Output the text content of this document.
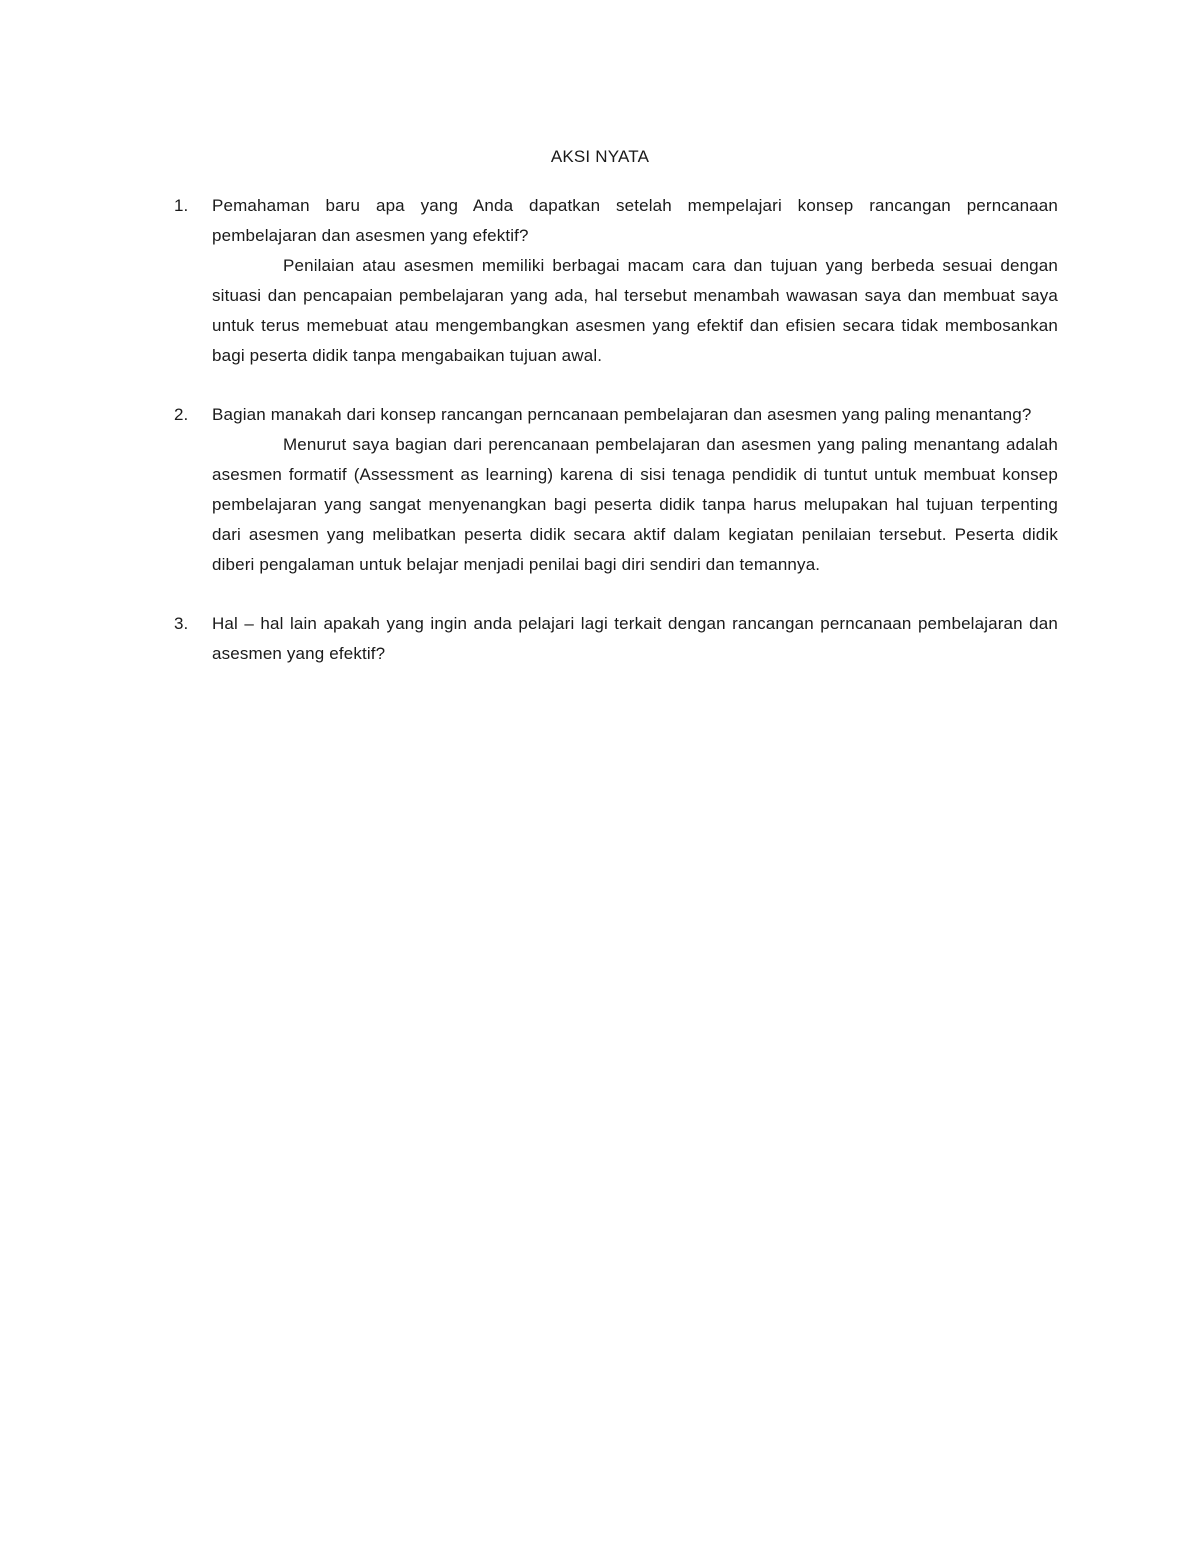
AKSI NYATA
1.	Pemahaman baru apa yang Anda dapatkan setelah mempelajari konsep rancangan perncanaan pembelajaran dan asesmen yang efektif?

Penilaian atau asesmen memiliki berbagai macam cara dan tujuan yang berbeda sesuai dengan situasi dan pencapaian pembelajaran yang ada, hal tersebut menambah wawasan saya dan membuat saya untuk terus memebuat atau mengembangkan asesmen yang efektif dan efisien secara tidak membosankan bagi peserta didik tanpa mengabaikan tujuan awal.

2.	Bagian manakah dari konsep rancangan perncanaan pembelajaran dan asesmen yang paling menantang?

Menurut saya bagian dari perencanaan pembelajaran dan asesmen yang paling menantang adalah asesmen formatif (Assessment as learning) karena di sisi tenaga pendidik di tuntut untuk membuat konsep pembelajaran yang sangat menyenangkan bagi peserta didik tanpa harus melupakan hal tujuan terpenting dari asesmen yang melibatkan peserta didik secara aktif dalam kegiatan penilaian tersebut. Peserta didik diberi pengalaman untuk belajar menjadi penilai bagi diri sendiri dan temannya.

3.	Hal – hal lain apakah yang ingin anda pelajari lagi terkait dengan rancangan perncanaan pembelajaran dan asesmen yang efektif?
